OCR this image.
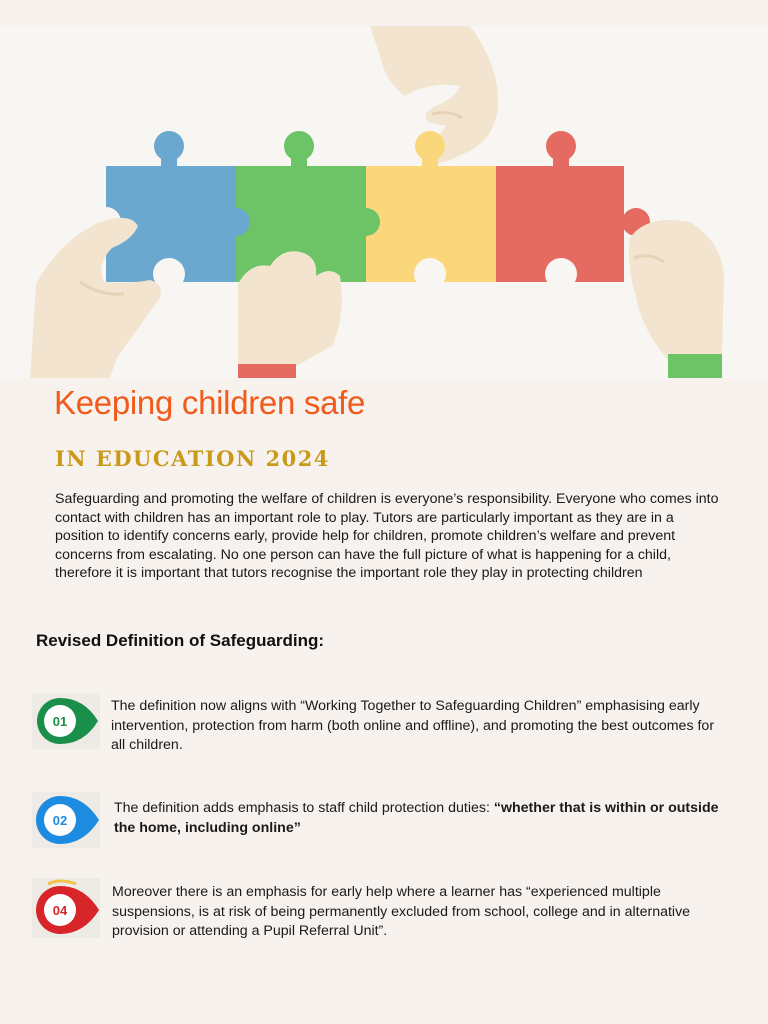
Keeping children safe
IN EDUCATION 2024
Safeguarding and promoting the welfare of children is everyone’s responsibility. Everyone who comes into contact with children has an important role to play. Tutors are particularly important as they are in a position to identify concerns early, provide help for children, promote children’s welfare and prevent concerns from escalating. No one person can have the full picture of what is happening for a child, therefore it is important that tutors recognise the important role they play in protecting children
Revised Definition of Safeguarding:
01
The definition now aligns with “Working Together to Safeguarding Children” emphasising early intervention, protection from harm (both online and offline), and promoting the best outcomes for all children.
02
The definition adds emphasis to staff child protection duties: “whether that is within or outside the home, including online”
04
Moreover there is an emphasis for early help where a learner has “experienced multiple suspensions, is at risk of being permanently excluded from school, college and in alternative provision or attending a Pupil Referral Unit”.
